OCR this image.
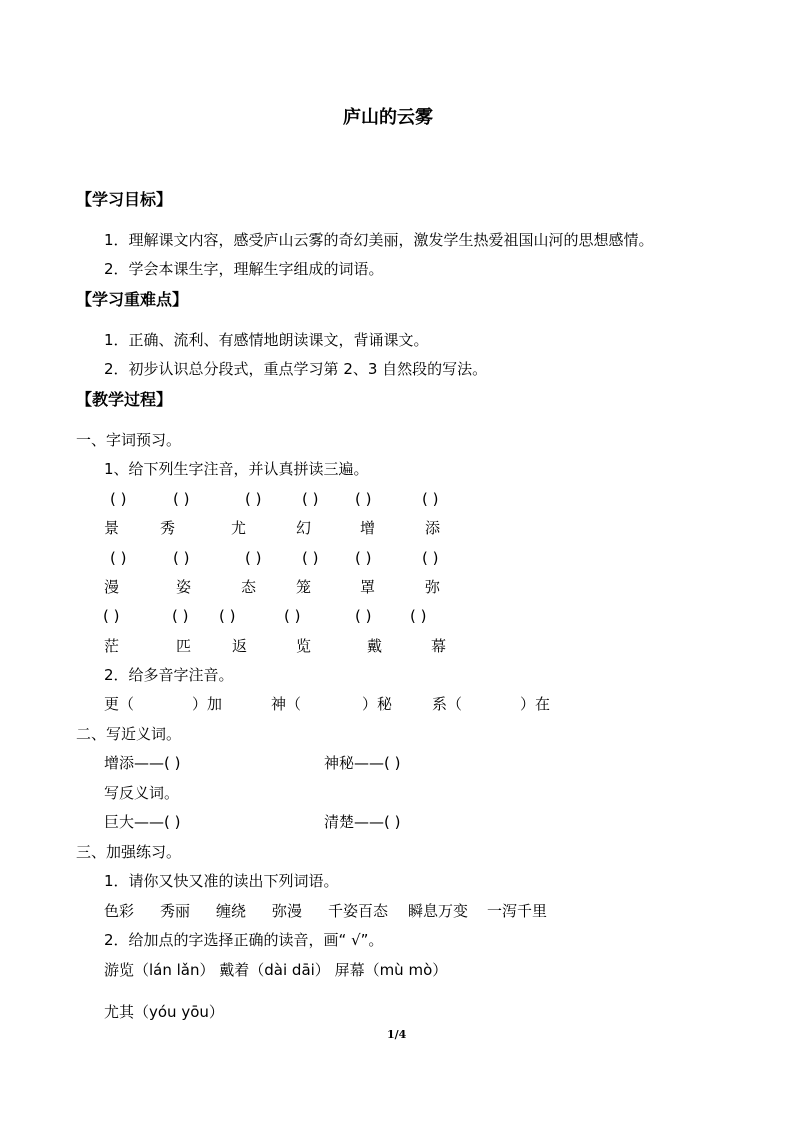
庐山的云雾
【学习目标】
1．理解课文内容，感受庐山云雾的奇幻美丽，激发学生热爱祖国山河的思想感情。
2．学会本课生字，理解生字组成的词语。
【学习重难点】
1．正确、流利、有感情地朗读课文，背诵课文。
2．初步认识总分段式，重点学习第 2、3 自然段的写法。
【教学过程】
一、字词预习。
1、给下列生字注音，并认真拼读三遍。
( )	( )	( )	( ) ( )	( )
景	秀	尤	幻	增	添
( )	( )	( )	( ) ( )	( )
漫	姿	态	笼	罩	弥
( )	( ) ( )	( )	( )	( )
茫	匹	返	览	戴	幕
2．给多音字注音。
更（	）加	神（	）秘	系（	）在
二、写近义词。
增添——( )	神秘——( )
写反义词。
巨大——( )	清楚——( )
三、加强练习。
1．请你又快又准的读出下列词语。
色彩 秀丽 缠绕 弥漫 千姿百态 瞬息万变 一泻千里
2．给加点的字选择正确的读音，画“ √”。
游览（lán lǎn） 戴着（dài dāi） 屏幕（mù mò）
尤其（yóu yōu）
1/4
